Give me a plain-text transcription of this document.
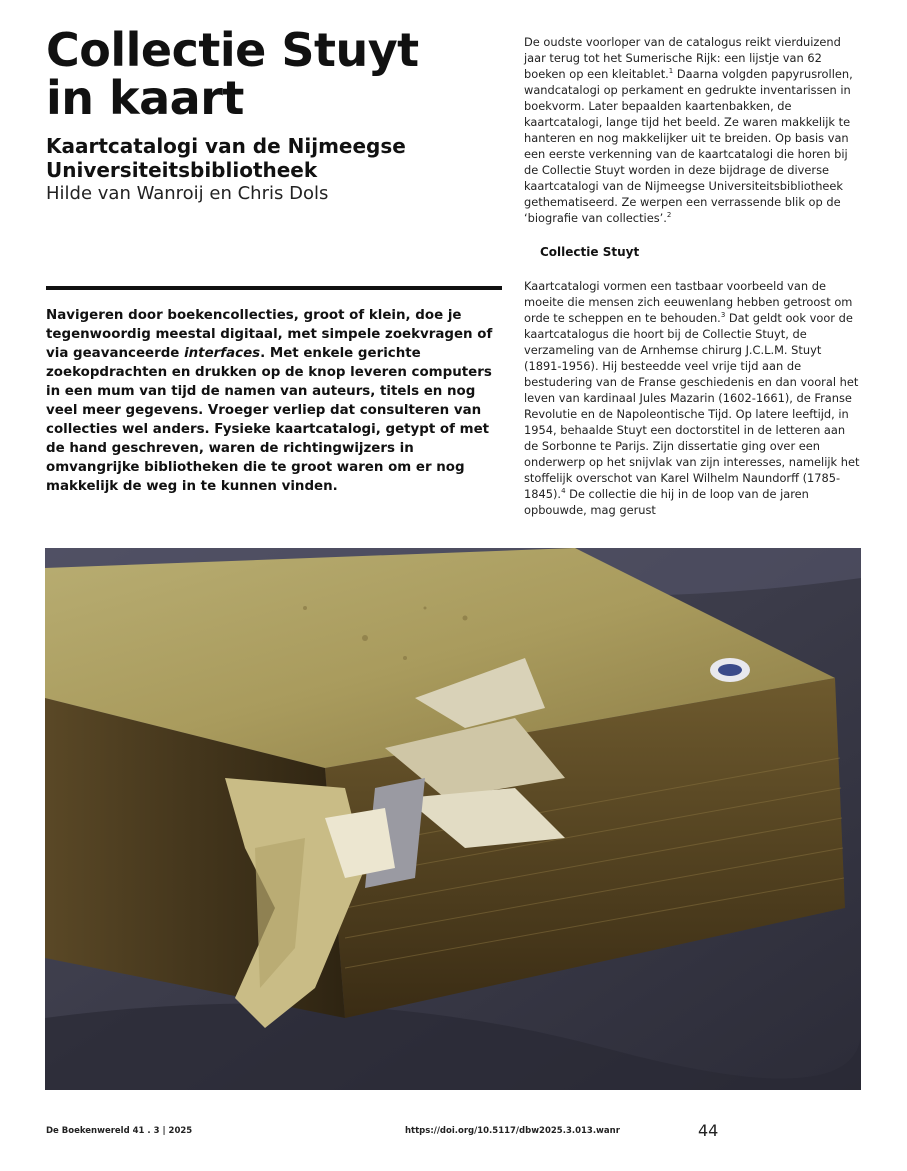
Collectie Stuyt
in kaart
Kaartcatalogi van de Nijmeegse
Universiteitsbibliotheek

Hilde van Wanroij en Chris Dols

Navigeren door boekencollecties, groot of klein, doe je tegenwoordig meestal digitaal, met simpele zoekvragen of via geavanceerde interfaces. Met enkele gerichte zoekopdrachten en drukken op de knop leveren computers in een mum van tijd de namen van auteurs, titels en nog veel meer gegevens. Vroeger verliep dat consulteren van collecties wel anders. Fysieke kaartcatalogi, getypt of met de hand geschreven, waren de richtingwijzers in omvangrijke bibliotheken die te groot waren om er nog makkelijk de weg in te kunnen vinden.

De oudste voorloper van de catalogus reikt vierduizend jaar terug tot het Sumerische Rijk: een lijstje van 62 boeken op een kleitablet.$^1$ Daarna volgden papyrusrollen, wandcatalogi op perkament en gedrukte inventarissen in boekvorm. Later bepaalden kaartenbakken, de kaartcatalogi, lange tijd het beeld. Ze waren makkelijk te hanteren en nog makkelijker uit te breiden. Op basis van een eerste verkenning van de kaartcatalogi die horen bij de Collectie Stuyt worden in deze bijdrage de diverse kaartcatalogi van de Nijmeegse Universiteitsbibliotheek gethematiseerd. Ze werpen een verrassende blik op de ‘biografie van collecties’.$^2$

Collectie Stuyt

Kaartcatalogi vormen een tastbaar voorbeeld van de moeite die mensen zich eeuwenlang hebben getroost om orde te scheppen en te behouden.$^3$ Dat geldt ook voor de kaartcatalogus die hoort bij de Collectie Stuyt, de verzameling van de Arnhemse chirurg J.C.L.M. Stuyt (1891-1956). Hij besteedde veel vrije tijd aan de bestudering van de Franse geschiedenis en dan vooral het leven van kardinaal Jules Mazarin (1602-1661), de Franse Revolutie en de Napoleontische Tijd. Op latere leeftijd, in 1954, behaalde Stuyt een doctorstitel in de letteren aan de Sorbonne te Parijs. Zijn dissertatie ging over een onderwerp op het snijvlak van zijn interesses, namelijk het stoffelijk overschot van Karel Wilhelm Naundorff (1785-1845).$^4$ De collectie die hij in de loop van de jaren opbouwde, mag gerust

De Boekenwereld 41 . 3 | 2025	https://doi.org/10.5117/dbw2025.3.013.wanr	44
